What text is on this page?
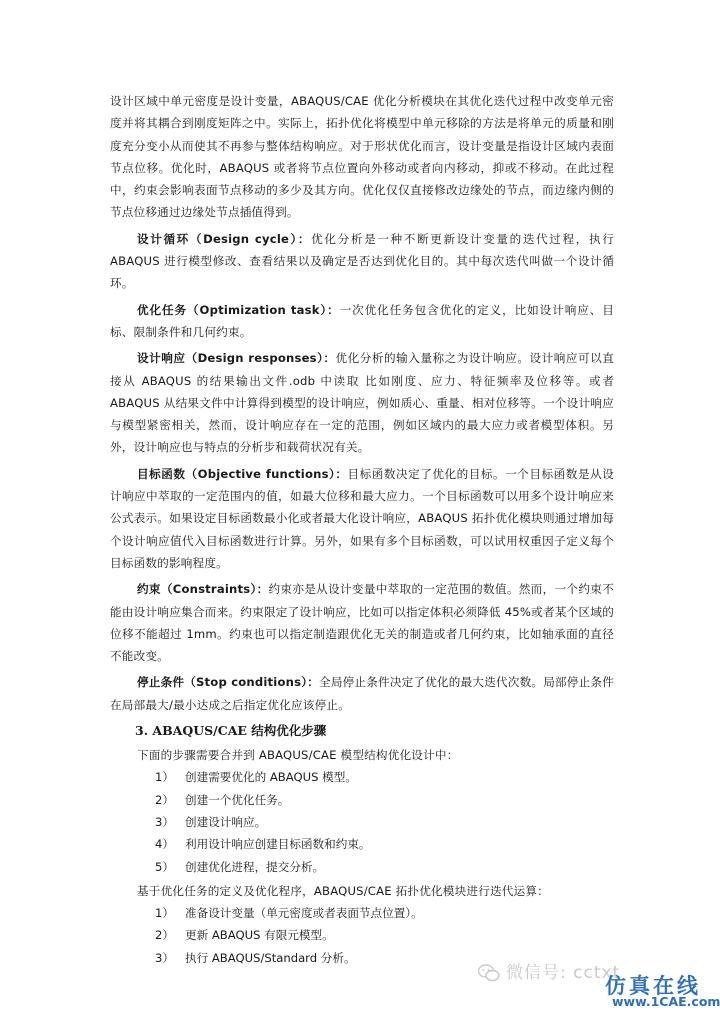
设计区域中单元密度是设计变量，ABAQUS/CAE 优化分析模块在其优化迭代过程中改变单元密度并将其耦合到刚度矩阵之中。实际上，拓扑优化将模型中单元移除的方法是将单元的质量和刚度充分变小从而使其不再参与整体结构响应。对于形状优化而言，设计变量是指设计区域内表面节点位移。优化时，ABAQUS 或者将节点位置向外移动或者向内移动，抑或不移动。在此过程中，约束会影响表面节点移动的多少及其方向。优化仅仅直接修改边缘处的节点，而边缘内侧的节点位移通过边缘处节点插值得到。

设计循环（Design cycle）：优化分析是一种不断更新设计变量的迭代过程，执行 ABAQUS 进行模型修改、查看结果以及确定是否达到优化目的。其中每次迭代叫做一个设计循环。

优化任务（Optimization task）：一次优化任务包含优化的定义，比如设计响应、目标、限制条件和几何约束。

设计响应（Design responses）：优化分析的输入量称之为设计响应。设计响应可以直接从 ABAQUS 的结果输出文件.odb 中读取 比如刚度、应力、特征频率及位移等。或者 ABAQUS 从结果文件中计算得到模型的设计响应，例如质心、重量、相对位移等。一个设计响应与模型紧密相关，然而，设计响应存在一定的范围，例如区域内的最大应力或者模型体积。另外，设计响应也与特点的分析步和载荷状况有关。

目标函数（Objective functions）：目标函数决定了优化的目标。一个目标函数是从设计响应中萃取的一定范围内的值，如最大位移和最大应力。一个目标函数可以用多个设计响应来公式表示。如果设定目标函数最小化或者最大化设计响应，ABAQUS 拓扑优化模块则通过增加每个设计响应值代入目标函数进行计算。另外，如果有多个目标函数，可以试用权重因子定义每个目标函数的影响程度。

约束（Constraints）：约束亦是从设计变量中萃取的一定范围的数值。然而，一个约束不能由设计响应集合而来。约束限定了设计响应，比如可以指定体积必须降低 45%或者某个区域的位移不能超过 1mm。约束也可以指定制造跟优化无关的制造或者几何约束，比如轴承面的直径不能改变。

停止条件（Stop conditions）：全局停止条件决定了优化的最大迭代次数。局部停止条件在局部最大/最小达成之后指定优化应该停止。

3. ABAQUS/CAE 结构优化步骤

下面的步骤需要合并到 ABAQUS/CAE 模型结构优化设计中：

1） 创建需要优化的 ABAQUS 模型。
2） 创建一个优化任务。
3） 创建设计响应。
4） 利用设计响应创建目标函数和约束。
5） 创建优化进程，提交分析。

基于优化任务的定义及优化程序，ABAQUS/CAE 拓扑优化模块进行迭代运算：

1） 准备设计变量（单元密度或者表面节点位置）。
2） 更新 ABAQUS 有限元模型。
3） 执行 ABAQUS/Standard 分析。
微信号: cctxt
仿真在线
www.1CAE.com
